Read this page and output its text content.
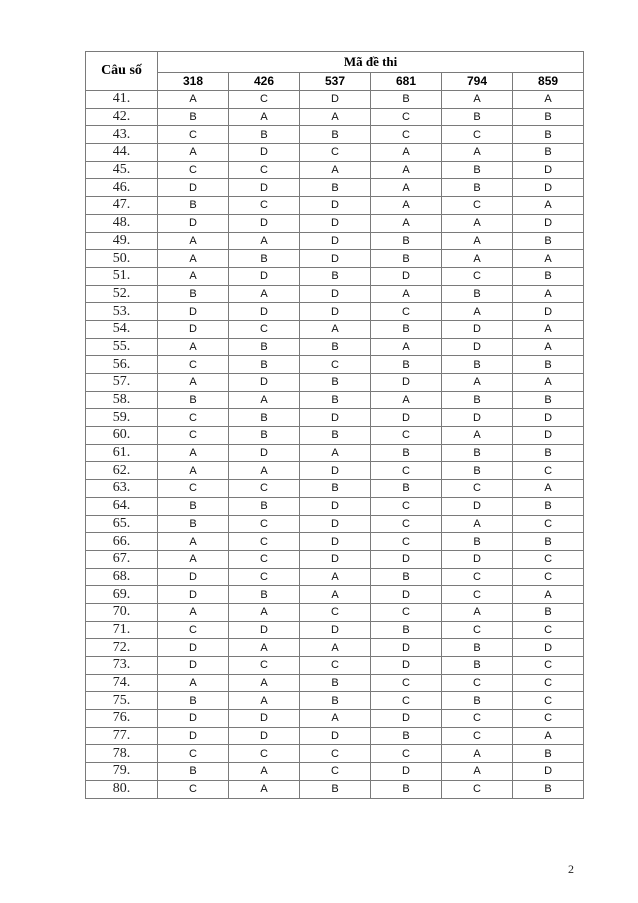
Câu số	Mã đề thi					
	318	426	537	681	794	859
41.	A	C	D	B	A	A
42.	B	A	A	C	B	B
43.	C	B	B	C	C	B
44.	A	D	C	A	A	B
45.	C	C	A	A	B	D
46.	D	D	B	A	B	D
47.	B	C	D	A	C	A
48.	D	D	D	A	A	D
49.	A	A	D	B	A	B
50.	A	B	D	B	A	A
51.	A	D	B	D	C	B
52.	B	A	D	A	B	A
53.	D	D	D	C	A	D
54.	D	C	A	B	D	A
55.	A	B	B	A	D	A
56.	C	B	C	B	B	B
57.	A	D	B	D	A	A
58.	B	A	B	A	B	B
59.	C	B	D	D	D	D
60.	C	B	B	C	A	D
61.	A	D	A	B	B	B
62.	A	A	D	C	B	C
63.	C	C	B	B	C	A
64.	B	B	D	C	D	B
65.	B	C	D	C	A	C
66.	A	C	D	C	B	B
67.	A	C	D	D	D	C
68.	D	C	A	B	C	C
69.	D	B	A	D	C	A
70.	A	A	C	C	A	B
71.	C	D	D	B	C	C
72.	D	A	A	D	B	D
73.	D	C	C	D	B	C
74.	A	A	B	C	C	C
75.	B	A	B	C	B	C
76.	D	D	A	D	C	C
77.	D	D	D	B	C	A
78.	C	C	C	C	A	B
79.	B	A	C	D	A	D
80.	C	A	B	B	C	B
2
